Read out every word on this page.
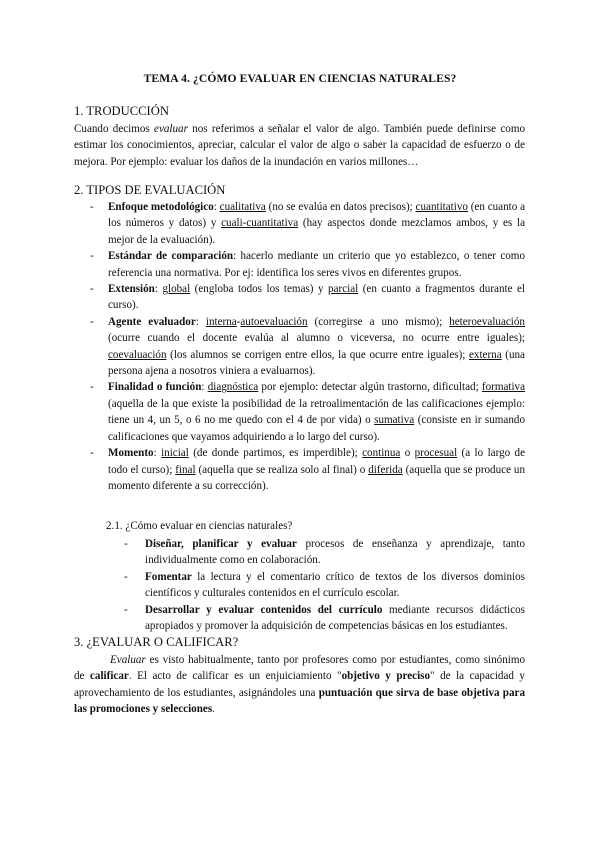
TEMA 4. ¿CÓMO EVALUAR EN CIENCIAS NATURALES?
1. TRODUCCIÓN
Cuando decimos evaluar nos referimos a señalar el valor de algo. También puede definirse como estimar los conocimientos, apreciar, calcular el valor de algo o saber la capacidad de esfuerzo o de mejora. Por ejemplo: evaluar los daños de la inundación en varios millones…
2. TIPOS DE EVALUACIÓN
- Enfoque metodológico: cualitativa (no se evalúa en datos precisos); cuantitativo (en cuanto a los números y datos) y cuali-cuantitativa (hay aspectos donde mezclamos ambos, y es la mejor de la evaluación).
- Estándar de comparación: hacerlo mediante un criterio que yo establezco, o tener como referencia una normativa. Por ej: identifica los seres vivos en diferentes grupos.
- Extensión: global (engloba todos los temas) y parcial (en cuanto a fragmentos durante el curso).
- Agente evaluador: interna-autoevaluación (corregirse a uno mismo); heteroevaluación (ocurre cuando el docente evalúa al alumno o viceversa, no ocurre entre iguales); coevaluación (los alumnos se corrigen entre ellos, la que ocurre entre iguales); externa (una persona ajena a nosotros viniera a evaluarnos).
- Finalidad o función: diagnóstica por ejemplo: detectar algún trastorno, dificultad; formativa (aquella de la que existe la posibilidad de la retroalimentación de las calificaciones ejemplo: tiene un 4, un 5, o 6 no me quedo con el 4 de por vida) o sumativa (consiste en ir sumando calificaciones que vayamos adquiriendo a lo largo del curso).
- Momento: inicial (de donde partimos, es imperdible); continua o procesual (a lo largo de todo el curso); final (aquella que se realiza solo al final) o diferida (aquella que se produce un momento diferente a su corrección).
2.1. ¿Cómo evaluar en ciencias naturales?
- Diseñar, planificar y evaluar procesos de enseñanza y aprendizaje, tanto individualmente como en colaboración.
- Fomentar la lectura y el comentario crítico de textos de los diversos dominios científicos y culturales contenidos en el currículo escolar.
- Desarrollar y evaluar contenidos del currículo mediante recursos didácticos apropiados y promover la adquisición de competencias básicas en los estudiantes.
3. ¿EVALUAR O CALIFICAR?
Evaluar es visto habitualmente, tanto por profesores como por estudiantes, como sinónimo de calificar. El acto de calificar es un enjuiciamiento "objetivo y preciso" de la capacidad y aprovechamiento de los estudiantes, asignándoles una puntuación que sirva de base objetiva para las promociones y selecciones.
